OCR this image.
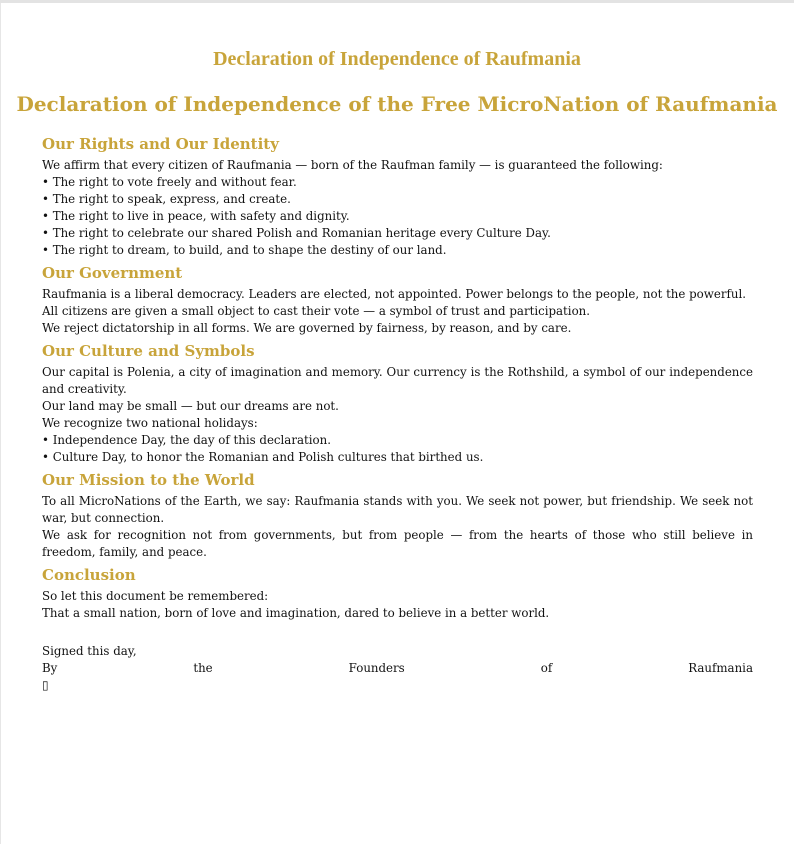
Declaration of Independence of Raufmania
Declaration of Independence of the Free MicroNation of Raufmania
Our Rights and Our Identity

We affirm that every citizen of Raufmania — born of the Raufman family — is guaranteed the following:

• The right to vote freely and without fear.

• The right to speak, express, and create.

• The right to live in peace, with safety and dignity.

• The right to celebrate our shared Polish and Romanian heritage every Culture Day.

• The right to dream, to build, and to shape the destiny of our land.

Our Government

Raufmania is a liberal democracy. Leaders are elected, not appointed. Power belongs to the people, not the powerful.

All citizens are given a small object to cast their vote — a symbol of trust and participation.

We reject dictatorship in all forms. We are governed by fairness, by reason, and by care.

Our Culture and Symbols

Our capital is Polenia, a city of imagination and memory. Our currency is the Rothshild, a symbol of our independence and creativity.

Our land may be small — but our dreams are not.

We recognize two national holidays:

• Independence Day, the day of this declaration.

• Culture Day, to honor the Romanian and Polish cultures that birthed us.

Our Mission to the World

To all MicroNations of the Earth, we say: Raufmania stands with you. We seek not power, but friendship. We seek not war, but connection.

We ask for recognition not from governments, but from people — from the hearts of those who still believe in freedom, family, and peace.

Conclusion

So let this document be remembered:

That a small nation, born of love and imagination, dared to believe in a better world.

Signed this day,

By	the	Founders	of	Raufmania
▯
